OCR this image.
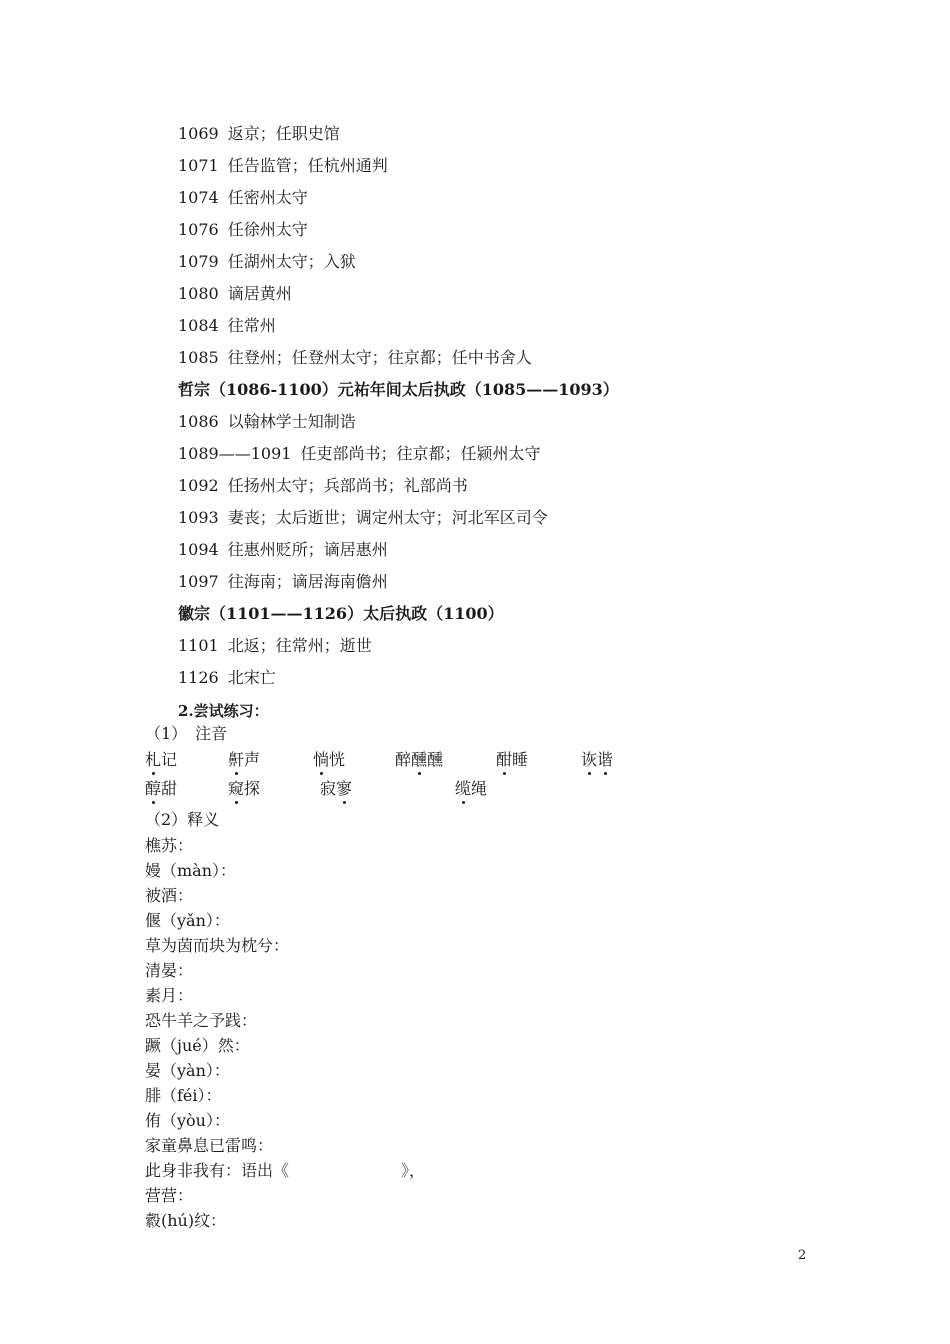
1069 返京；任职史馆
1071 任告监管；任杭州通判
1074 任密州太守
1076 任徐州太守
1079 任湖州太守；入狱
1080 谪居黄州
1084 往常州
1085 往登州；任登州太守；往京都；任中书舍人
哲宗（1086-1100）元祐年间太后执政（1085——1093）
1086 以翰林学士知制诰
1089——1091 任吏部尚书；往京都；任颍州太守
1092 任扬州太守；兵部尚书；礼部尚书
1093 妻丧；太后逝世；调定州太守；河北军区司令
1094 往惠州贬所；谪居惠州
1097 往海南；谪居海南儋州
徽宗（1101——1126）太后执政（1100）
1101 北返；往常州；逝世
1126 北宋亡
2.尝试练习：
（1）　注音
札记	鼾声	惝恍	醉醺醺	酣睡	诙谐
醇甜	窥探	寂寥	缆绳
（2）释义
樵苏：
嫚（màn）：
被酒：
偃（yǎn）：
草为茵而块为枕兮：
清晏：
素月：
恐牛羊之予践：
蹶（jué）然：
晏（yàn）：
腓（féi）：
侑（yòu）：
家童鼻息已雷鸣：
此身非我有：语出《　　　　　　　》，
营营：
縠(hú)纹：
2
